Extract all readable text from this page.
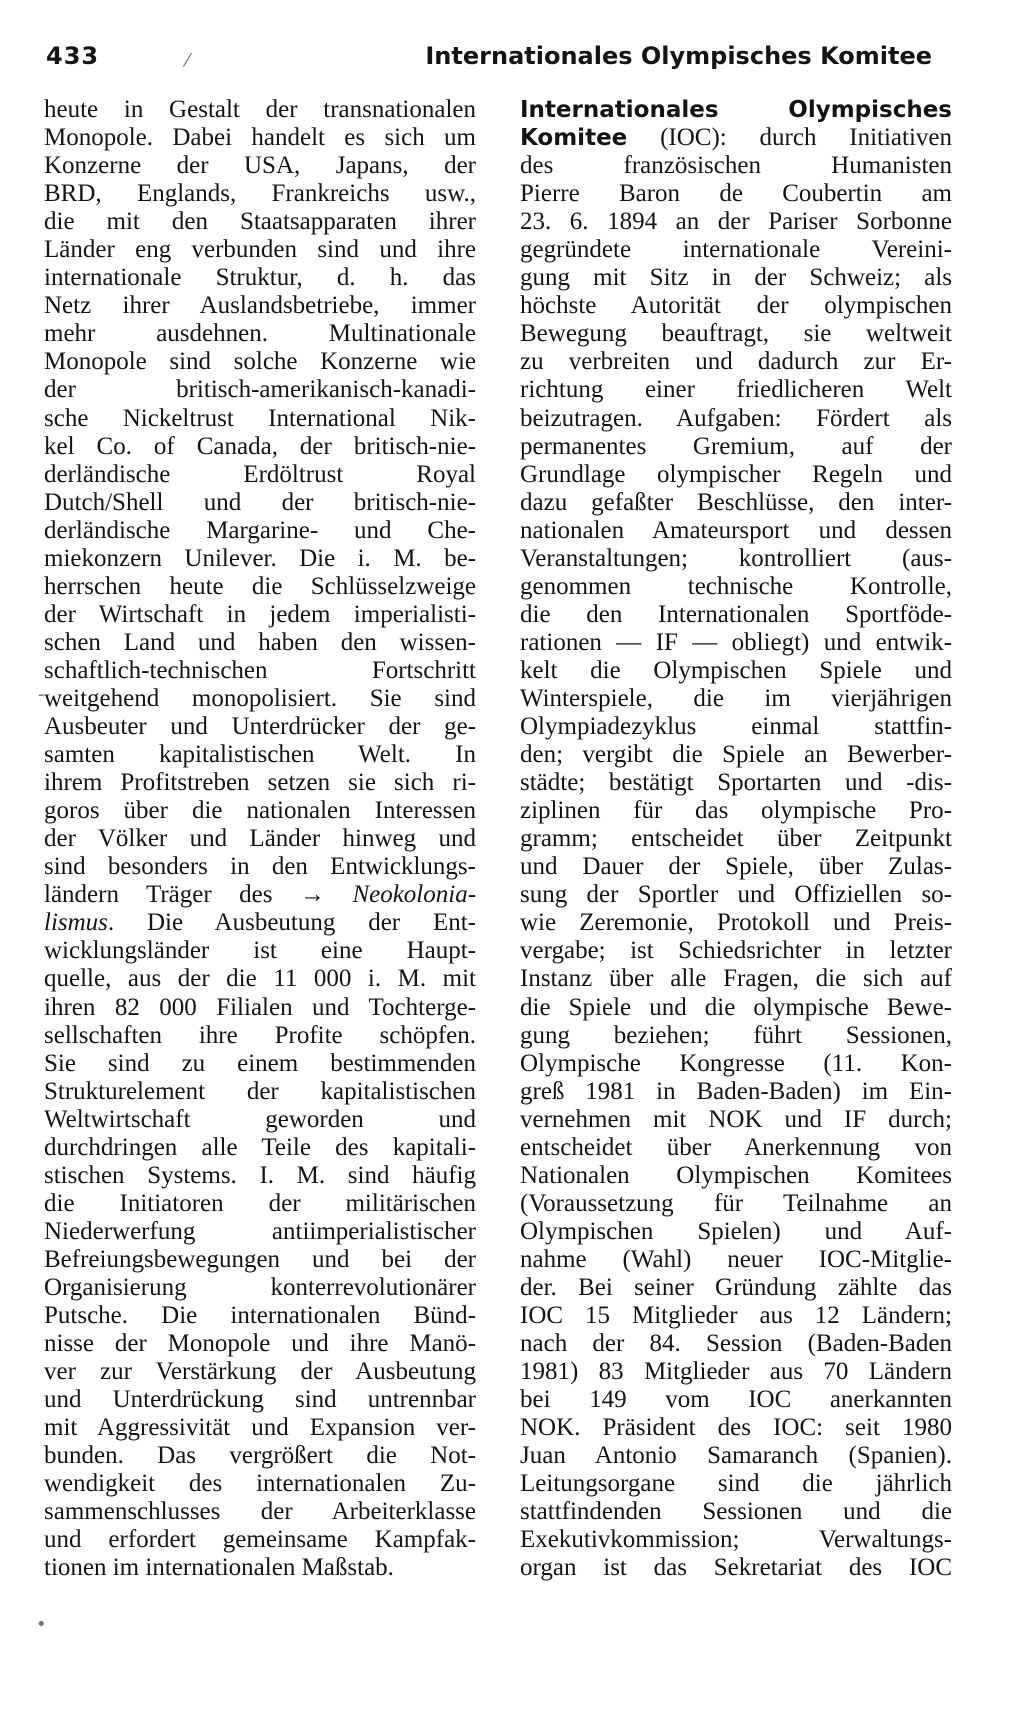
433	Internationales Olympisches Komitee
⁄
-
•
heute in Gestalt der transnationalen
Monopole. Dabei handelt es sich um
Konzerne der USA, Japans, der
BRD, Englands, Frankreichs usw.,
die mit den Staatsapparaten ihrer
Länder eng verbunden sind und ihre
internationale Struktur, d. h. das
Netz ihrer Auslandsbetriebe, immer
mehr ausdehnen. Multinationale
Monopole sind solche Konzerne wie
der britisch-amerikanisch-kanadi-
sche Nickeltrust International Nik-
kel Co. of Canada, der britisch-nie-
derländische Erdöltrust Royal
Dutch/Shell und der britisch-nie-
derländische Margarine- und Che-
miekonzern Unilever. Die i. M. be-
herrschen heute die Schlüsselzweige
der Wirtschaft in jedem imperialisti-
schen Land und haben den wissen-
schaftlich-technischen Fortschritt
weitgehend monopolisiert. Sie sind
Ausbeuter und Unterdrücker der ge-
samten kapitalistischen Welt. In
ihrem Profitstreben setzen sie sich ri-
goros über die nationalen Interessen
der Völker und Länder hinweg und
sind besonders in den Entwicklungs-
ländern Träger des → Neokolonia-
lismus. Die Ausbeutung der Ent-
wicklungsländer ist eine Haupt-
quelle, aus der die 11 000 i. M. mit
ihren 82 000 Filialen und Tochterge-
sellschaften ihre Profite schöpfen.
Sie sind zu einem bestimmenden
Strukturelement der kapitalistischen
Weltwirtschaft geworden und
durchdringen alle Teile des kapitali-
stischen Systems. I. M. sind häufig
die Initiatoren der militärischen
Niederwerfung antiimperialistischer
Befreiungsbewegungen und bei der
Organisierung konterrevolutionärer
Putsche. Die internationalen Bünd-
nisse der Monopole und ihre Manö-
ver zur Verstärkung der Ausbeutung
und Unterdrückung sind untrennbar
mit Aggressivität und Expansion ver-
bunden. Das vergrößert die Not-
wendigkeit des internationalen Zu-
sammenschlusses der Arbeiterklasse
und erfordert gemeinsame Kampfak-
tionen im internationalen Maßstab.
Internationales Olympisches
Komitee (IOC): durch Initiativen
des französischen Humanisten
Pierre Baron de Coubertin am
23. 6. 1894 an der Pariser Sorbonne
gegründete internationale Vereini-
gung mit Sitz in der Schweiz; als
höchste Autorität der olympischen
Bewegung beauftragt, sie weltweit
zu verbreiten und dadurch zur Er-
richtung einer friedlicheren Welt
beizutragen. Aufgaben: Fördert als
permanentes Gremium, auf der
Grundlage olympischer Regeln und
dazu gefaßter Beschlüsse, den inter-
nationalen Amateursport und dessen
Veranstaltungen; kontrolliert (aus-
genommen technische Kontrolle,
die den Internationalen Sportföde-
rationen — IF — obliegt) und entwik-
kelt die Olympischen Spiele und
Winterspiele, die im vierjährigen
Olympiadezyklus einmal stattfin-
den; vergibt die Spiele an Bewerber-
städte; bestätigt Sportarten und -dis-
ziplinen für das olympische Pro-
gramm; entscheidet über Zeitpunkt
und Dauer der Spiele, über Zulas-
sung der Sportler und Offiziellen so-
wie Zeremonie, Protokoll und Preis-
vergabe; ist Schiedsrichter in letzter
Instanz über alle Fragen, die sich auf
die Spiele und die olympische Bewe-
gung beziehen; führt Sessionen,
Olympische Kongresse (11. Kon-
greß 1981 in Baden-Baden) im Ein-
vernehmen mit NOK und IF durch;
entscheidet über Anerkennung von
Nationalen Olympischen Komitees
(Voraussetzung für Teilnahme an
Olympischen Spielen) und Auf-
nahme (Wahl) neuer IOC-Mitglie-
der. Bei seiner Gründung zählte das
IOC 15 Mitglieder aus 12 Ländern;
nach der 84. Session (Baden-Baden
1981) 83 Mitglieder aus 70 Ländern
bei 149 vom IOC anerkannten
NOK. Präsident des IOC: seit 1980
Juan Antonio Samaranch (Spanien).
Leitungsorgane sind die jährlich
stattfindenden Sessionen und die
Exekutivkommission; Verwaltungs-
organ ist das Sekretariat des IOC
